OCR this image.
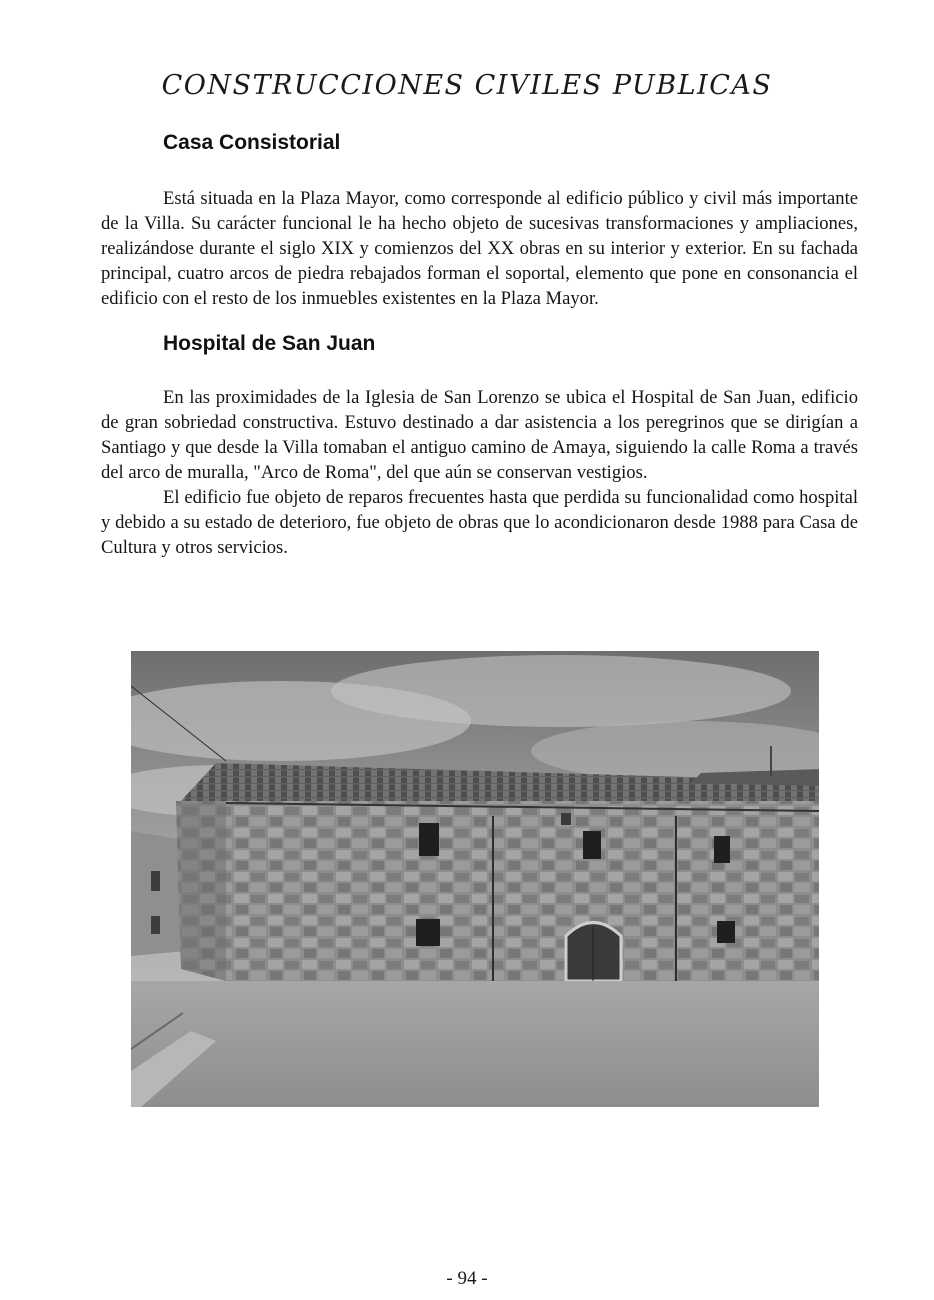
CONSTRUCCIONES CIVILES PUBLICAS
Casa Consistorial

Está situada en la Plaza Mayor, como corresponde al edificio público y civil más importante de la Villa. Su carácter funcional le ha hecho objeto de sucesivas transformaciones y ampliaciones, realizándose durante el siglo XIX y comienzos del XX obras en su interior y exterior. En su fachada principal, cuatro arcos de piedra rebajados forman el soportal, elemento que pone en consonancia el edificio con el resto de los inmuebles existentes en la Plaza Mayor.

Hospital de San Juan

En las proximidades de la Iglesia de San Lorenzo se ubica el Hospital de San Juan, edificio de gran sobriedad constructiva. Estuvo destinado a dar asistencia a los peregrinos que se dirigían a Santiago y que desde la Villa tomaban el antiguo camino de Amaya, siguiendo la calle Roma a través del arco de muralla, "Arco de Roma", del que aún se conservan vestigios.

El edificio fue objeto de reparos frecuentes hasta que perdida su funcionalidad como hospital y debido a su estado de deterioro, fue objeto de obras que lo acondicionaron desde 1988 para Casa de Cultura y otros servicios.

- 94 -
